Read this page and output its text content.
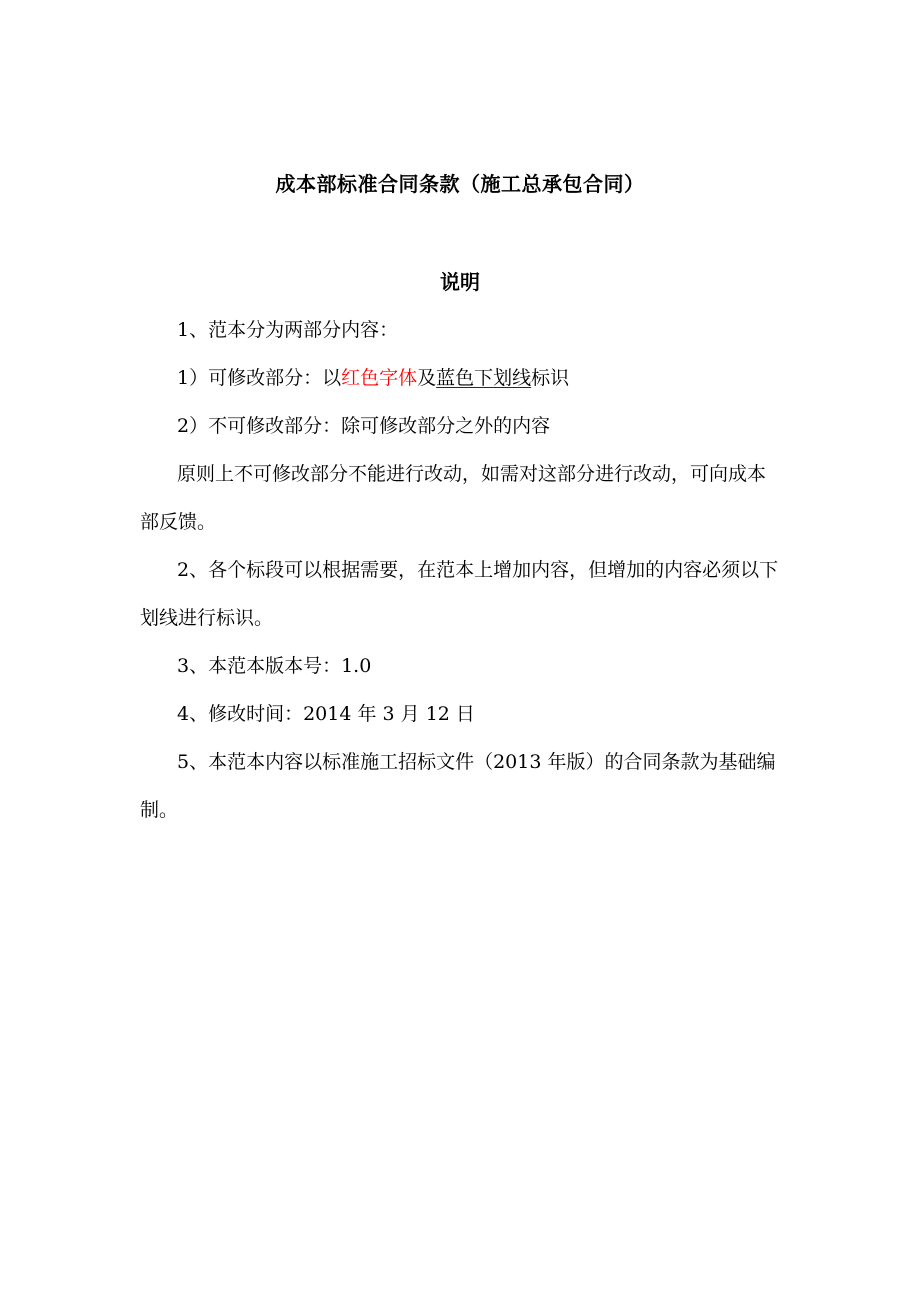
成本部标准合同条款（施工总承包合同）
说明

1、范本分为两部分内容：

1）可修改部分：以红色字体及蓝色下划线标识

2）不可修改部分：除可修改部分之外的内容

原则上不可修改部分不能进行改动，如需对这部分进行改动，可向成本部反馈。

2、各个标段可以根据需要，在范本上增加内容，但增加的内容必须以下划线进行标识。

3、本范本版本号：1.0

4、修改时间：2014 年 3 月 12 日

5、本范本内容以标准施工招标文件（2013 年版）的合同条款为基础编制。
